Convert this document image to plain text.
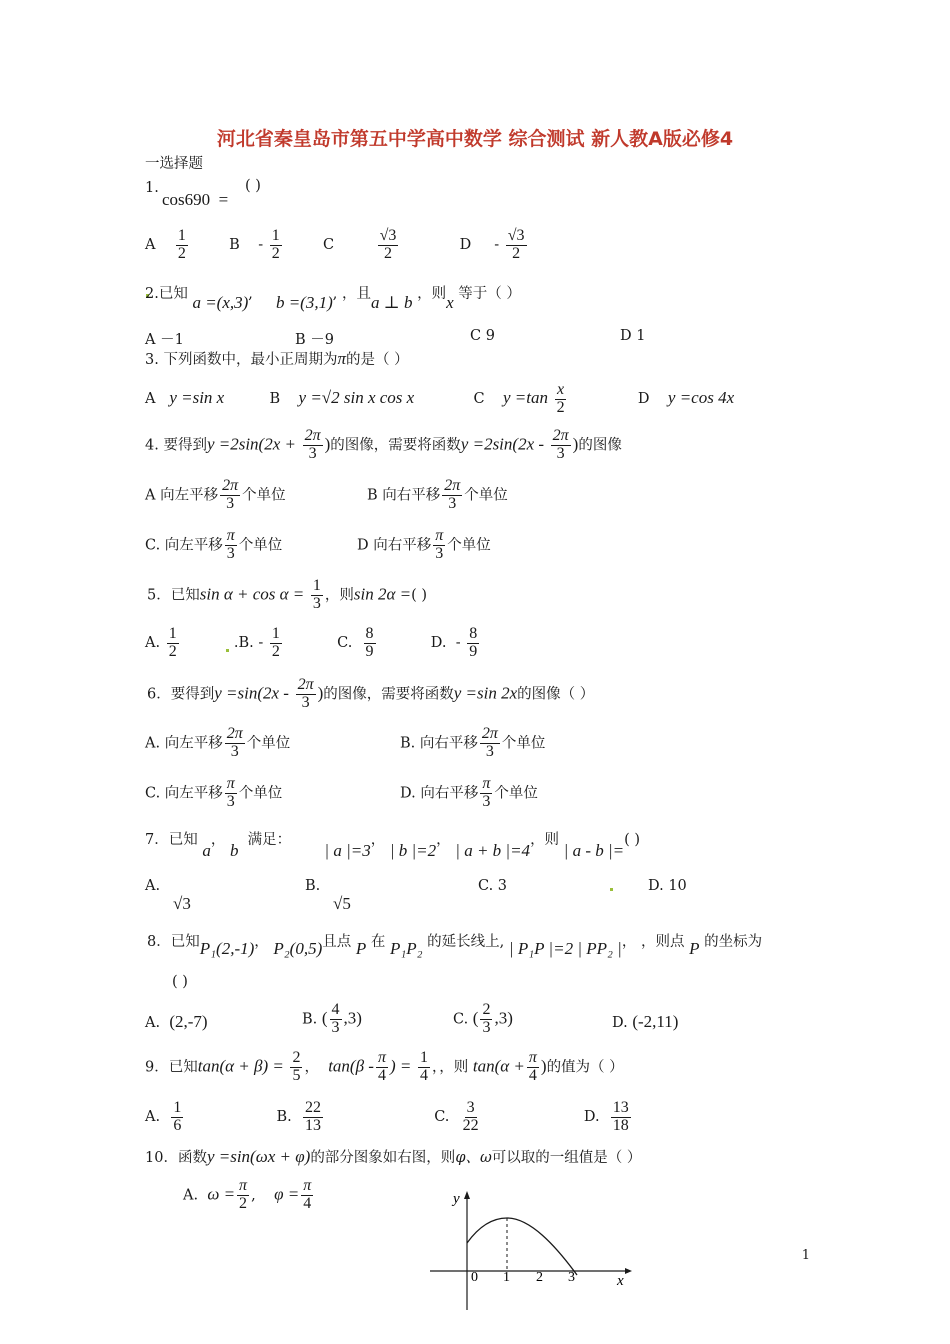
河北省秦皇岛市第五中学高中数学 综合测试 新人教A版必修4
一选择题
1.
cos690 =
( )
A $\frac{1}{2}$	B - $\frac{1}{2}$	C	$\frac{√3}{2}$	D - $\frac{√3}{2}$
2.已知 a =(x,3), b =(3,1), ，且a ⊥ b ，则x 等于（ ）
A －1	B －9	C 9	D 1
3. 下列函数中，最小正周期为π的是（ ）
A y =sin x	B y =√2 sin x cos x	C $y =\tan \frac{x}{2}$	D y =cos 4x
4. 要得到$y =2\sin(2x + \frac{2\pi}{3}$ )的图像，需要将函数$y =2\sin(2x - \frac{2\pi}{3}$ )的图像
A 向左平移 $\frac{2\pi}{3}$ 个单位	B 向右平移 $\frac{2\pi}{3}$ 个单位
C. 向左平移 $\frac{\pi}{3}$ 个单位	D 向右平移 $\frac{\pi}{3}$ 个单位
5．已知$\sin \alpha + \cos \alpha = \frac{1}{3}$ ，则sin 2α =( )
A. $\frac{1}{2}$	.B. - $\frac{1}{2}$	C. $\frac{8}{9}$	D. - $\frac{8}{9}$
6．要得到$y =\sin(2x - \frac{2\pi}{3}$ )的图像，需要将函数y =sin 2x的图像（ ）
A. 向左平移 $\frac{2\pi}{3}$ 个单位	B. 向右平移 $\frac{2\pi}{3}$ 个单位
C. 向左平移 $\frac{\pi}{3}$ 个单位	D. 向右平移 $\frac{\pi}{3}$ 个单位
7．已知 a， b  满足：  | a |=3， | b |=2， | a + b |=4，则 | a - b |=( )
A.
√3
B.
√5
C. 3	D. 10
8．已知P₁(2,-1)， P₂(0,5)且点 P 在 P₁P₂ 的延长线上, | P₁P |=2 | PP₂ |， ，则点 P 的坐标为
( )
A. (2,-7)	B. ( $\frac{4}{3} ,3$)	C. ( $\frac{2}{3} ,3$)	D. (-2,11)
9．已知$\tan(\alpha + \beta) = \frac{2}{5}$ ，  $\tan(\beta - \frac{\pi}{4}$ ) = $\frac{1}{4}$ ，，则 $\tan(\alpha + \frac{\pi}{4}$ )的值为（ ）
A. $\frac{1}{6}$	B. $\frac{22}{13}$	C. $\frac{3}{22}$	D. $\frac{13}{18}$
10．函数y =sin(ωx + φ)的部分图象如右图，则φ、ω可以取的一组值是（ ）
A. $\omega = \frac{\pi}{2}$ ,    $\varphi = \frac{\pi}{4}$	y
x
0 1 2 3
1
